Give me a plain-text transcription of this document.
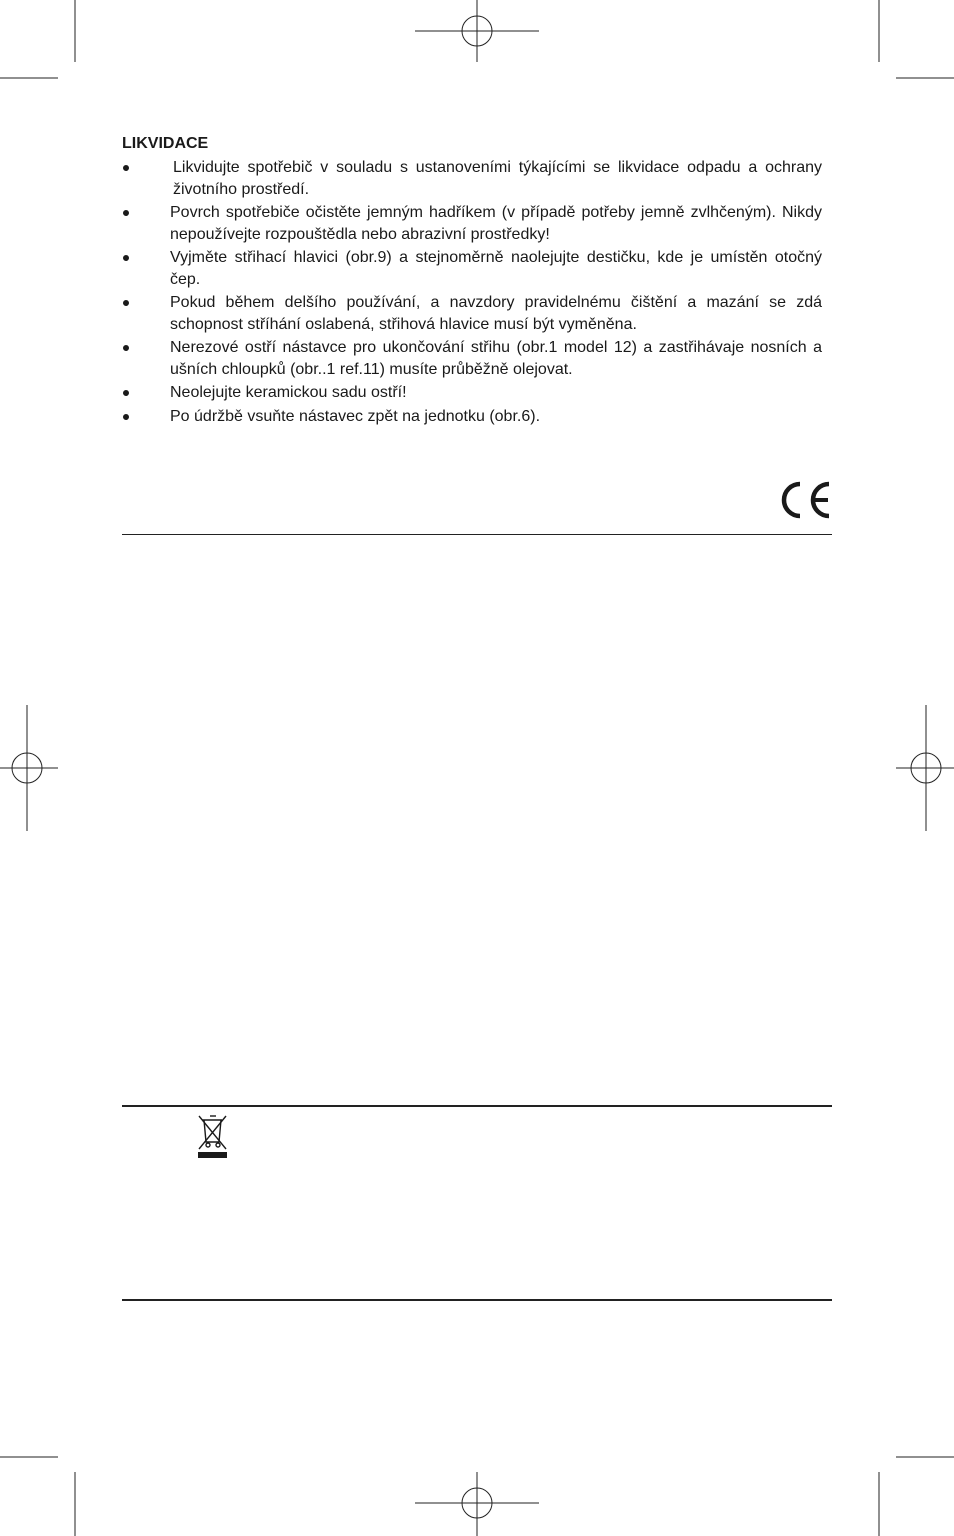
LIKVIDACE
Likvidujte spotřebič v souladu s ustanoveními týkajícími se likvidace odpadu a ochrany životního prostředí.
Povrch spotřebiče očistěte jemným hadříkem (v případě potřeby jemně zvlhčeným). Nikdy nepoužívejte rozpouštědla nebo abrazivní prostředky!
Vyjměte střihací hlavici (obr.9) a stejnoměrně naolejujte destičku, kde je umístěn otočný čep.
Pokud během delšího používání, a navzdory pravidelnému čištění a mazání se zdá schopnost stříhání oslabená, střihová hlavice musí být vyměněna.
Nerezové ostří nástavce pro ukončování střihu (obr.1 model 12) a zastřihávaje nosních a ušních chloupků (obr..1 ref.11) musíte průběžně olejovat.
Neolejujte keramickou sadu ostří!
Po údržbě vsuňte nástavec zpět na jednotku (obr.6).
